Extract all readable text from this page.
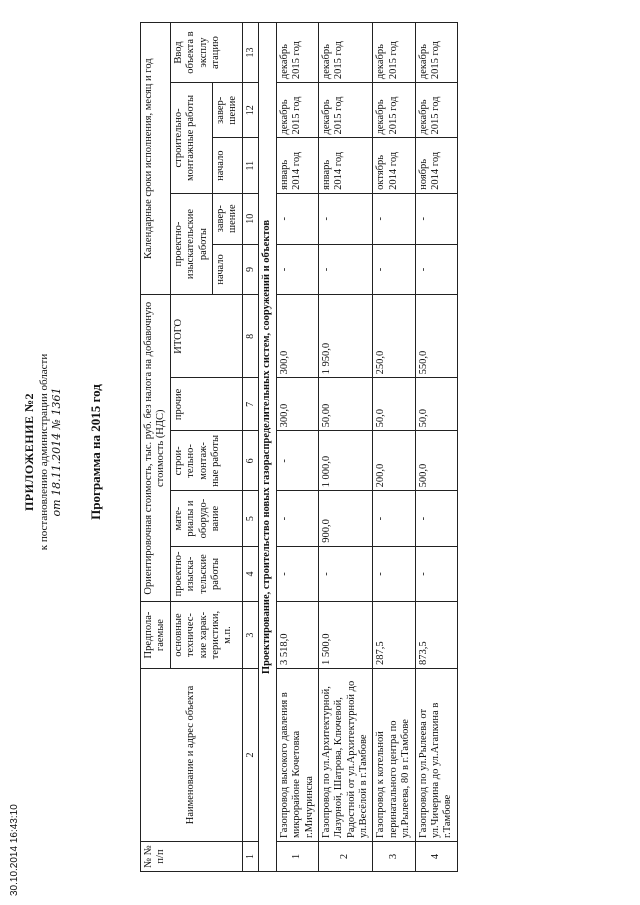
ПРИЛОЖЕНИЕ №2 к постановлению администрации области от 18.11.2014 № 1361 Программа на 2015 год
№ № п/п	Наименование и адрес объекта	Предпола- гаемые	Ориентировочная стоимость, тыс. руб. без налога на добавочную стоимость (НДС)					Календарные сроки исполнения, месяц и год				
		основные техничес- кие харак- теристики, м.п.	проектно- изыска- тельские работы	мате- риалы и оборудо- вание	строи- тельно- монтаж- ные работы	прочие	ИТОГО	проектно- изыскательские работы		строительно- монтажные работы		Ввод объекта в эксплу атацию

								начало	завер- шение	начало	завер- шение	
1	2	3	4	5	6	7	8	9	10	11	12	13
Проектирование, строительство новых газораспределительных систем, сооружений и объектов												
1	Газопровод высокого давления в микрорайоне Кочетовка г.Мичуринска	3 518,0	-	-	-	300,0	300,0	-	-	январь 2014 год	декабрь 2015 год	декабрь 2015 год
2	Газопровод по ул.Архитектурной, Лазурной, Шатрова, Ключевой, Радостной от ул.Архитектурной до ул.Весёлой в г.Тамбове	1 500,0	-	900,0	1 000,0	50,00	1 950,0	-	-	январь 2014 год	декабрь 2015 год	декабрь 2015 год
3	Газопровод к котельной перинатального центра по ул.Рылеева, 80 в г.Тамбове	287,5	-	-	200,0	50,0	250,0	-	-	октябрь 2014 год	декабрь 2015 год	декабрь 2015 год
4	Газопровод по ул.Рылеева от ул.Чичерина до ул.Агапкина в г.Тамбове	873,5	-	-	500,0	50,0	550,0	-	-	ноябрь 2014 год	декабрь 2015 год	декабрь 2015 год
30.10.2014 16:43:10
